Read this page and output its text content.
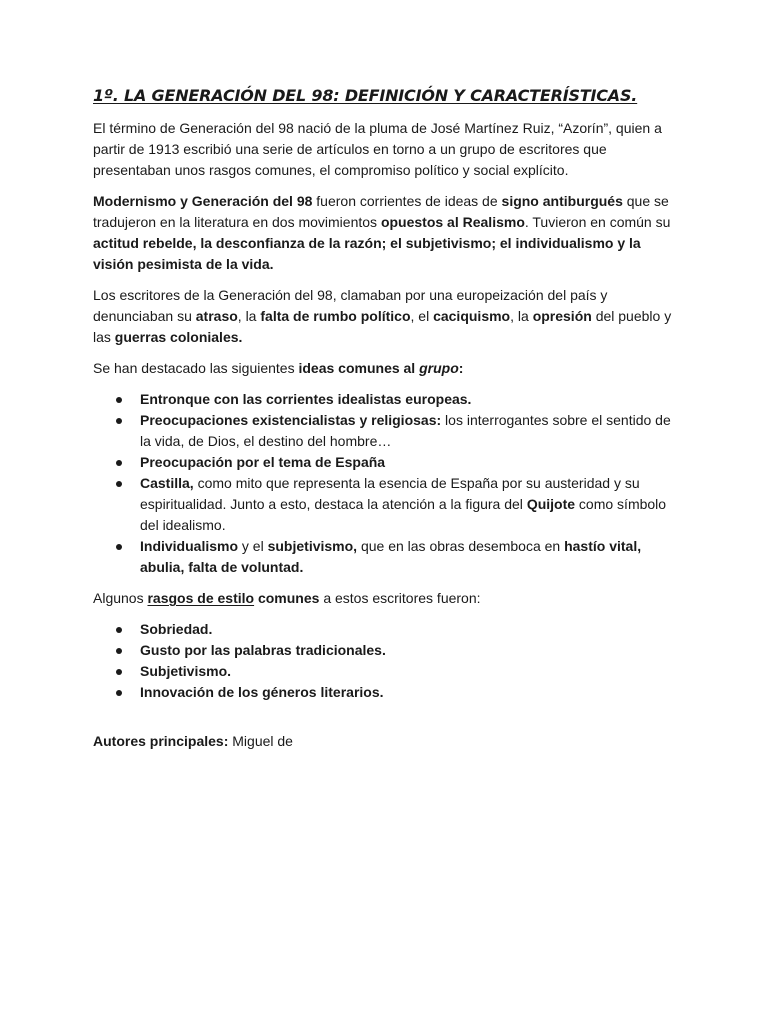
1º. LA GENERACIÓN DEL 98: DEFINICIÓN Y CARACTERÍSTICAS.

El término de Generación del 98 nació de la pluma de José Martínez Ruiz, “Azorín”, quien a partir de 1913 escribió una serie de artículos en torno a un grupo de escritores que presentaban unos rasgos comunes, el compromiso político y social explícito.

Modernismo y Generación del 98 fueron corrientes de ideas de signo antiburgués que se tradujeron en la literatura en dos movimientos opuestos al Realismo. Tuvieron en común su actitud rebelde, la desconfianza de la razón; el subjetivismo; el individualismo y la visión pesimista de la vida.

Los escritores de la Generación del 98, clamaban por una europeización del país y denunciaban su atraso, la falta de rumbo político, el caciquismo, la opresión del pueblo y las guerras coloniales.

Se han destacado las siguientes ideas comunes al grupo:

Entronque con las corrientes idealistas europeas.
Preocupaciones existencialistas y religiosas: los interrogantes sobre el sentido de la vida, de Dios, el destino del hombre…
Preocupación por el tema de España
Castilla, como mito que representa la esencia de España por su austeridad y su espiritualidad. Junto a esto, destaca la atención a la figura del Quijote como símbolo del idealismo.
Individualismo y el subjetivismo, que en las obras desemboca en hastío vital, abulia, falta de voluntad.

Algunos rasgos de estilo comunes a estos escritores fueron:

Sobriedad.
Gusto por las palabras tradicionales.
Subjetivismo.
Innovación de los géneros literarios.

Autores principales: Miguel de
